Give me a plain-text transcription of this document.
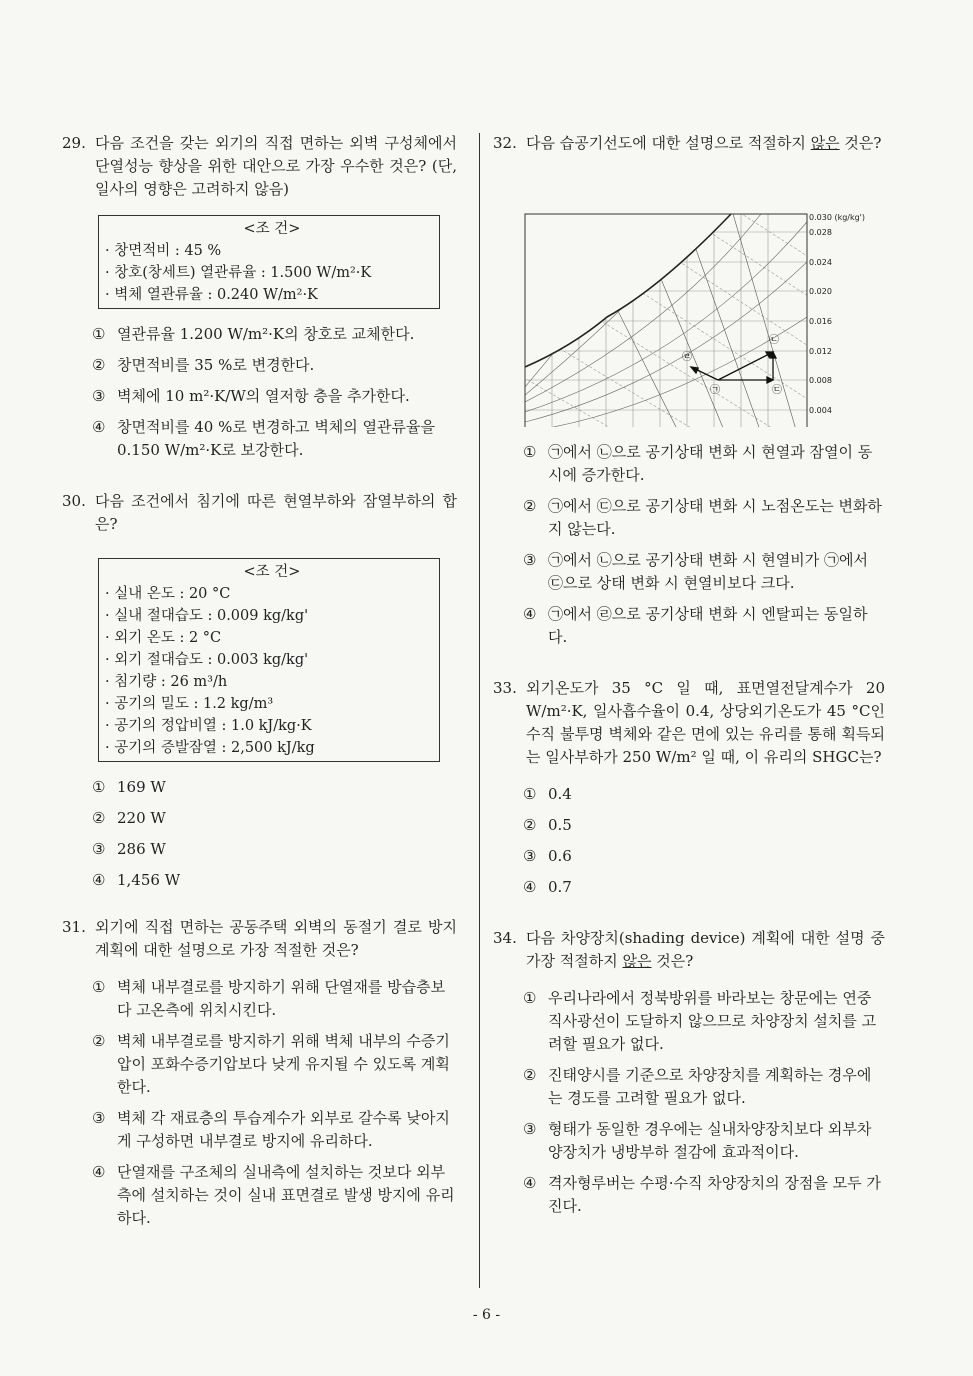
29. 다음 조건을 갖는 외기의 직접 면하는 외벽 구성체에서 단열성능 향상을 위한 대안으로 가장 우수한 것은? (단, 일사의 영향은 고려하지 않음)
<조 건>
· 창면적비 : 45 %
· 창호(창세트) 열관류율 : 1.500 W/m²·K
· 벽체 열관류율 : 0.240 W/m²·K
① 열관류율 1.200 W/m²·K의 창호로 교체한다.
② 창면적비를 35 %로 변경한다.
③ 벽체에 10 m²·K/W의 열저항 층을 추가한다.
④ 창면적비를 40 %로 변경하고 벽체의 열관류율을 0.150 W/m²·K로 보강한다.
30. 다음 조건에서 침기에 따른 현열부하와 잠열부하의 합은?
<조 건>
· 실내 온도 : 20 °C
· 실내 절대습도 : 0.009 kg/kg'
· 외기 온도 : 2 °C
· 외기 절대습도 : 0.003 kg/kg'
· 침기량 : 26 m³/h
· 공기의 밀도 : 1.2 kg/m³
· 공기의 정압비열 : 1.0 kJ/kg·K
· 공기의 증발잠열 : 2,500 kJ/kg
① 169 W
② 220 W
③ 286 W
④ 1,456 W
31. 외기에 직접 면하는 공동주택 외벽의 동절기 결로 방지 계획에 대한 설명으로 가장 적절한 것은?
① 벽체 내부결로를 방지하기 위해 단열재를 방습층보다 고온측에 위치시킨다.
② 벽체 내부결로를 방지하기 위해 벽체 내부의 수증기압이 포화수증기압보다 낮게 유지될 수 있도록 계획한다.
③ 벽체 각 재료층의 투습계수가 외부로 갈수록 낮아지게 구성하면 내부결로 방지에 유리하다.
④ 단열재를 구조체의 실내측에 설치하는 것보다 외부측에 설치하는 것이 실내 표면결로 발생 방지에 유리하다.
32. 다음 습공기선도에 대한 설명으로 적절하지 않은 것은?
㉠
㉡
㉢
㉣
0.004
0.008
0.012
0.016
0.020
0.024
0.028
0.030 (kg/kg')
① ㉠에서 ㉡으로 공기상태 변화 시 현열과 잠열이 동시에 증가한다.
② ㉠에서 ㉢으로 공기상태 변화 시 노점온도는 변화하지 않는다.
③ ㉠에서 ㉡으로 공기상태 변화 시 현열비가 ㉠에서 ㉢으로 상태 변화 시 현열비보다 크다.
④ ㉠에서 ㉣으로 공기상태 변화 시 엔탈피는 동일하다.
33. 외기온도가 35 °C 일 때, 표면열전달계수가 20 W/m²·K, 일사흡수율이 0.4, 상당외기온도가 45 °C인 수직 불투명 벽체와 같은 면에 있는 유리를 통해 획득되는 일사부하가 250 W/m² 일 때, 이 유리의 SHGC는?
① 0.4
② 0.5
③ 0.6
④ 0.7
34. 다음 차양장치(shading device) 계획에 대한 설명 중 가장 적절하지 않은 것은?
① 우리나라에서 정북방위를 바라보는 창문에는 연중 직사광선이 도달하지 않으므로 차양장치 설치를 고려할 필요가 없다.
② 진태양시를 기준으로 차양장치를 계획하는 경우에는 경도를 고려할 필요가 없다.
③ 형태가 동일한 경우에는 실내차양장치보다 외부차양장치가 냉방부하 절감에 효과적이다.
④ 격자형루버는 수평·수직 차양장치의 장점을 모두 가진다.
- 6 -
